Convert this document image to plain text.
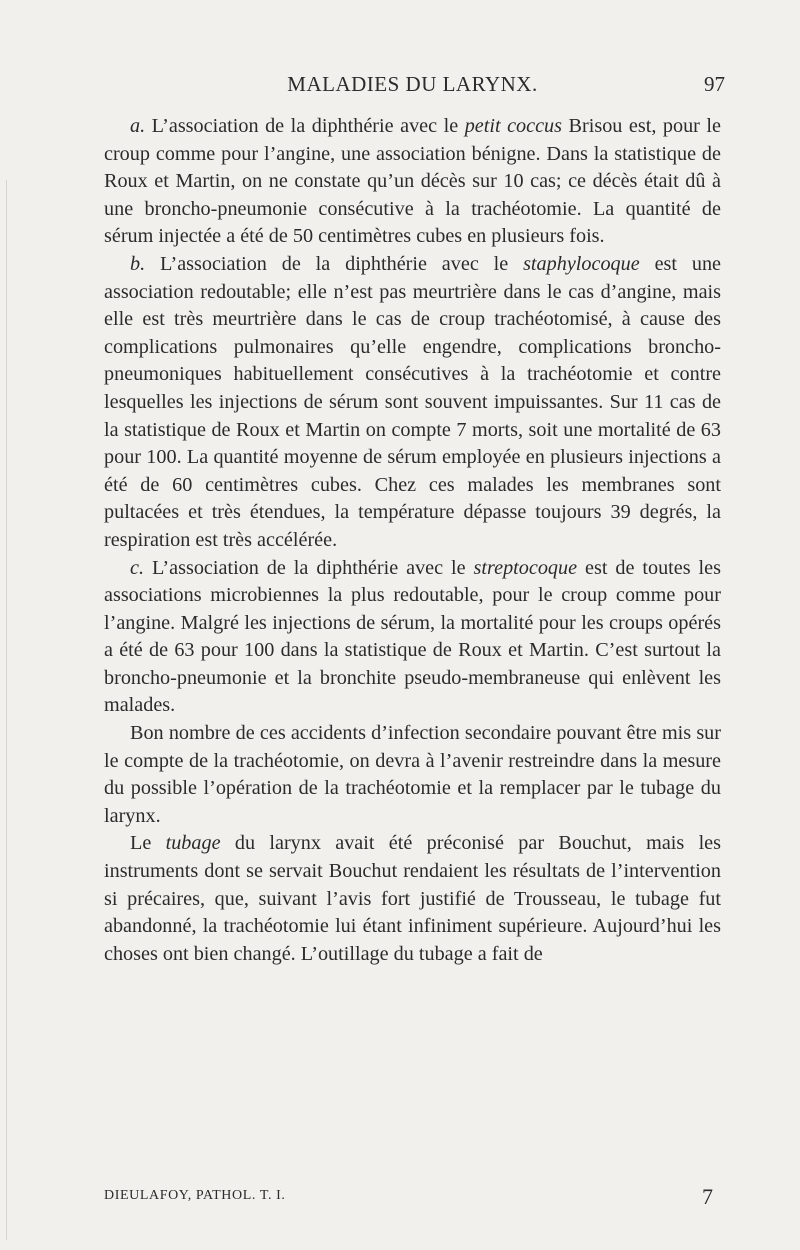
MALADIES DU LARYNX.	97

a. L’association de la diphthérie avec le petit coccus Brisou est, pour le croup comme pour l’angine, une association bénigne. Dans la statistique de Roux et Martin, on ne constate qu’un décès sur 10 cas; ce décès était dû à une broncho-pneumonie consécutive à la trachéotomie. La quantité de sérum injectée a été de 50 centimètres cubes en plusieurs fois.

b. L’association de la diphthérie avec le staphylocoque est une association redoutable; elle n’est pas meurtrière dans le cas d’angine, mais elle est très meurtrière dans le cas de croup trachéotomisé, à cause des complications pulmonaires qu’elle engendre, complications broncho-pneumoniques habituellement consécutives à la trachéotomie et contre lesquelles les injections de sérum sont souvent impuissantes. Sur 11 cas de la statistique de Roux et Martin on compte 7 morts, soit une mortalité de 63 pour 100. La quantité moyenne de sérum employée en plusieurs injections a été de 60 centimètres cubes. Chez ces malades les membranes sont pultacées et très étendues, la température dépasse toujours 39 degrés, la respiration est très accélérée.

c. L’association de la diphthérie avec le streptocoque est de toutes les associations microbiennes la plus redoutable, pour le croup comme pour l’angine. Malgré les injections de sérum, la mortalité pour les croups opérés a été de 63 pour 100 dans la statistique de Roux et Martin. C’est surtout la broncho-pneumonie et la bronchite pseudo-membraneuse qui enlèvent les malades.

Bon nombre de ces accidents d’infection secondaire pouvant être mis sur le compte de la trachéotomie, on devra à l’avenir restreindre dans la mesure du possible l’opération de la trachéotomie et la remplacer par le tubage du larynx.

Le tubage du larynx avait été préconisé par Bouchut, mais les instruments dont se servait Bouchut rendaient les résultats de l’intervention si précaires, que, suivant l’avis fort justifié de Trousseau, le tubage fut abandonné, la trachéotomie lui étant infiniment supérieure. Aujourd’hui les choses ont bien changé. L’outillage du tubage a fait de

DIEULAFOY, PATHOL. T. I.	7
